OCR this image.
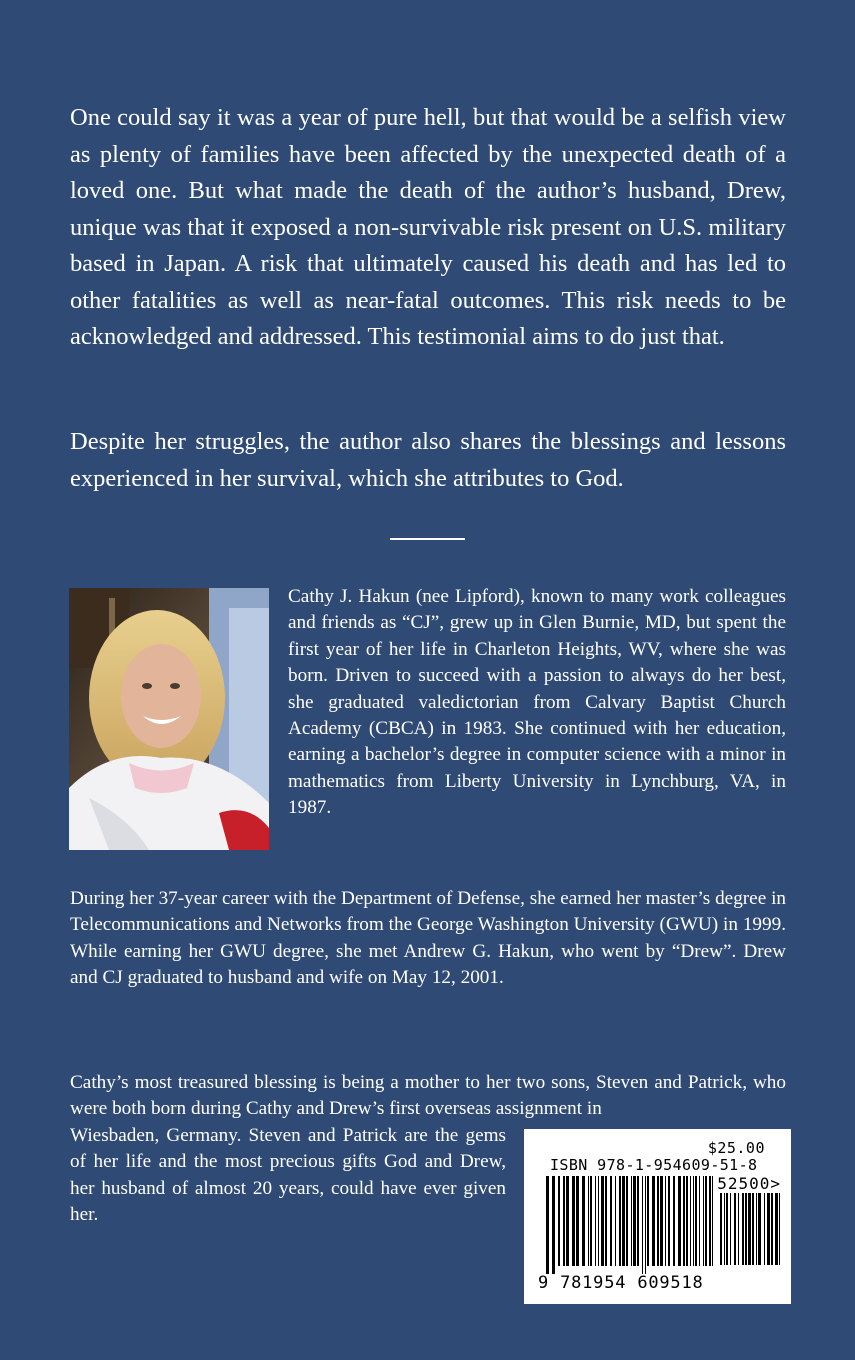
One could say it was a year of pure hell, but that would be a selfish view as plenty of families have been affected by the unexpected death of a loved one. But what made the death of the author’s husband, Drew, unique was that it exposed a non-survivable risk present on U.S. military based in Japan. A risk that ultimately caused his death and has led to other fatalities as well as near-fatal outcomes. This risk needs to be acknowledged and addressed. This testimonial aims to do just that.

Despite her struggles, the author also shares the blessings and lessons experienced in her survival, which she attributes to God.

Cathy J. Hakun (nee Lipford), known to many work colleagues and friends as “CJ”, grew up in Glen Burnie, MD, but spent the first year of her life in Charleton Heights, WV, where she was born. Driven to succeed with a passion to always do her best, she graduated valedictorian from Calvary Baptist Church Academy (CBCA) in 1983. She continued with her education, earning a bachelor’s degree in computer science with a minor in mathematics from Liberty University in Lynchburg, VA, in 1987.

During her 37-year career with the Department of Defense, she earned her master’s degree in Telecommunications and Networks from the George Washington University (GWU) in 1999. While earning her GWU degree, she met Andrew G. Hakun, who went by “Drew”. Drew and CJ graduated to husband and wife on May 12, 2001.

Cathy’s most treasured blessing is being a mother to her two sons, Steven and Patrick, who were both born during Cathy and Drew’s first overseas assignment in
Wiesbaden, Germany. Steven and Patrick are the gems of her life and the most precious gifts God and Drew, her husband of almost 20 years, could have ever given her.

$25.00
ISBN 978-1-954609-51-8
52500>
9 781954 609518
